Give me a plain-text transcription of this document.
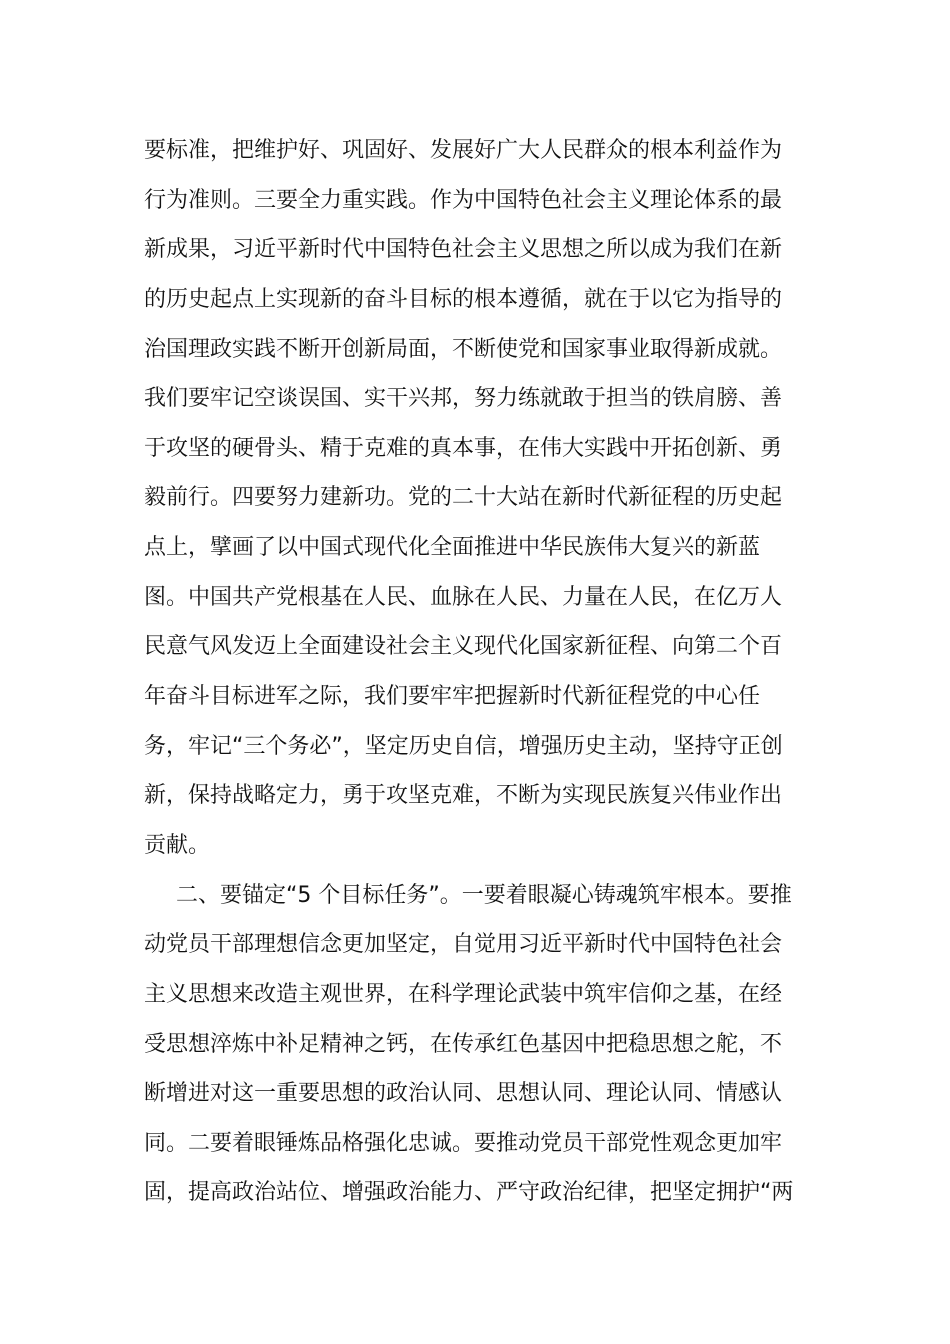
要标准，把维护好、巩固好、发展好广大人民群众的根本利益作为
行为准则。三要全力重实践。作为中国特色社会主义理论体系的最
新成果，习近平新时代中国特色社会主义思想之所以成为我们在新
的历史起点上实现新的奋斗目标的根本遵循，就在于以它为指导的
治国理政实践不断开创新局面，不断使党和国家事业取得新成就。
我们要牢记空谈误国、实干兴邦，努力练就敢于担当的铁肩膀、善
于攻坚的硬骨头、精于克难的真本事，在伟大实践中开拓创新、勇
毅前行。四要努力建新功。党的二十大站在新时代新征程的历史起
点上，擘画了以中国式现代化全面推进中华民族伟大复兴的新蓝
图。中国共产党根基在人民、血脉在人民、力量在人民，在亿万人
民意气风发迈上全面建设社会主义现代化国家新征程、向第二个百
年奋斗目标进军之际，我们要牢牢把握新时代新征程党的中心任
务，牢记“三个务必”，坚定历史自信，增强历史主动，坚持守正创
新，保持战略定力，勇于攻坚克难，不断为实现民族复兴伟业作出
贡献。
二、要锚定“5 个目标任务”。一要着眼凝心铸魂筑牢根本。要推
动党员干部理想信念更加坚定，自觉用习近平新时代中国特色社会
主义思想来改造主观世界，在科学理论武装中筑牢信仰之基，在经
受思想淬炼中补足精神之钙，在传承红色基因中把稳思想之舵，不
断增进对这一重要思想的政治认同、思想认同、理论认同、情感认
同。二要着眼锤炼品格强化忠诚。要推动党员干部党性观念更加牢
固，提高政治站位、增强政治能力、严守政治纪律，把坚定拥护“两
